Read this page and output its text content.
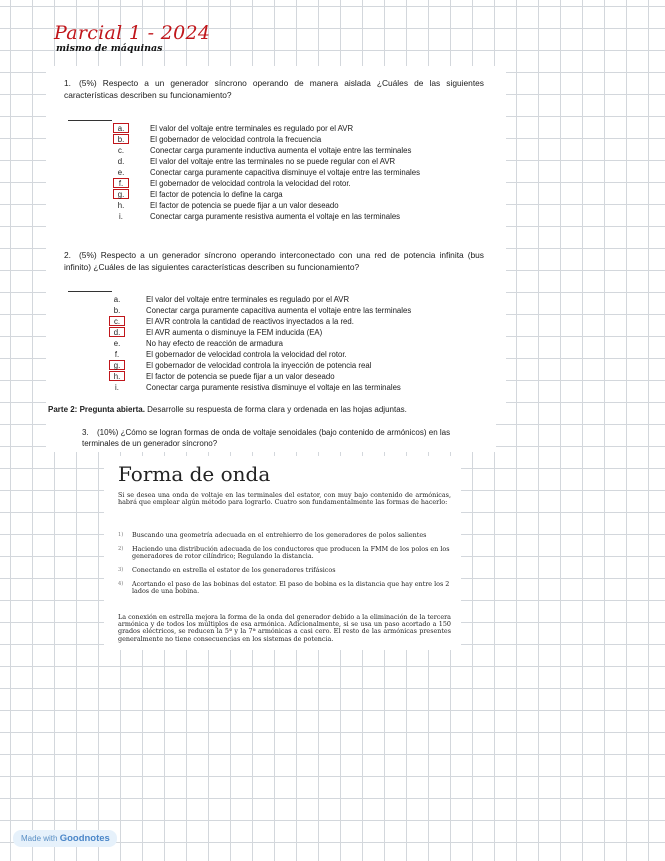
Parcial 1 - 2024
mismo de máquinas
1. (5%) Respecto a un generador síncrono operando de manera aislada ¿Cuáles de las siguientes características describen su funcionamiento?
a.	El valor del voltaje entre terminales es regulado por el AVR
b.	El gobernador de velocidad controla la frecuencia
c.	Conectar carga puramente inductiva aumenta el voltaje entre las terminales
d.	El valor del voltaje entre las terminales no se puede regular con el AVR
e.	Conectar carga puramente capacitiva disminuye el voltaje entre las terminales
f.	El gobernador de velocidad controla la velocidad del rotor.
g.	El factor de potencia lo define la carga
h.	El factor de potencia se puede fijar a un valor deseado
i.	Conectar carga puramente resistiva aumenta el voltaje en las terminales
2. (5%) Respecto a un generador síncrono operando interconectado con una red de potencia infinita (bus infinito) ¿Cuáles de las siguientes características describen su funcionamiento?
a.	El valor del voltaje entre terminales es regulado por el AVR
b.	Conectar carga puramente capacitiva aumenta el voltaje entre las terminales
c.	El AVR controla la cantidad de reactivos inyectados a la red.
d.	El AVR aumenta o disminuye la FEM inducida (EA)
e.	No hay efecto de reacción de armadura
f.	El gobernador de velocidad controla la velocidad del rotor.
g.	El gobernador de velocidad controla la inyección de potencia real
h.	El factor de potencia se puede fijar a un valor deseado
i.	Conectar carga puramente resistiva disminuye el voltaje en las terminales
Parte 2: Pregunta abierta. Desarrolle su respuesta de forma clara y ordenada en las hojas adjuntas.
3. (10%) ¿Cómo se logran formas de onda de voltaje senoidales (bajo contenido de armónicos) en las terminales de un generador síncrono?
Forma de onda
Si se desea una onda de voltaje en las terminales del estator, con muy bajo contenido de armónicas, habrá que emplear algún método para lograrlo. Cuatro son fundamentalmente las formas de hacerlo:
1)	Buscando una geometría adecuada en el entrehierro de los generadores de polos salientes
2)	Haciendo una distribución adecuada de los conductores que producen la FMM de los polos en los generadores de rotor cilíndrico; Regulando la distancia.
3)	Conectando en estrella el estator de los generadores trifásicos
4)	Acortando el paso de las bobinas del estator. El paso de bobina es la distancia que hay entre los 2 lados de una bobina.
La conexión en estrella mejora la forma de la onda del generador debido a la eliminación de la tercera armónica y de todos los múltiplos de esa armónica. Adicionalmente, si se usa un paso acortado a 150 grados eléctricos, se reducen la 5ª y la 7ª armónicas a casi cero. El resto de las armónicas presentes generalmente no tiene consecuencias en los sistemas de potencia.
Made with Goodnotes
